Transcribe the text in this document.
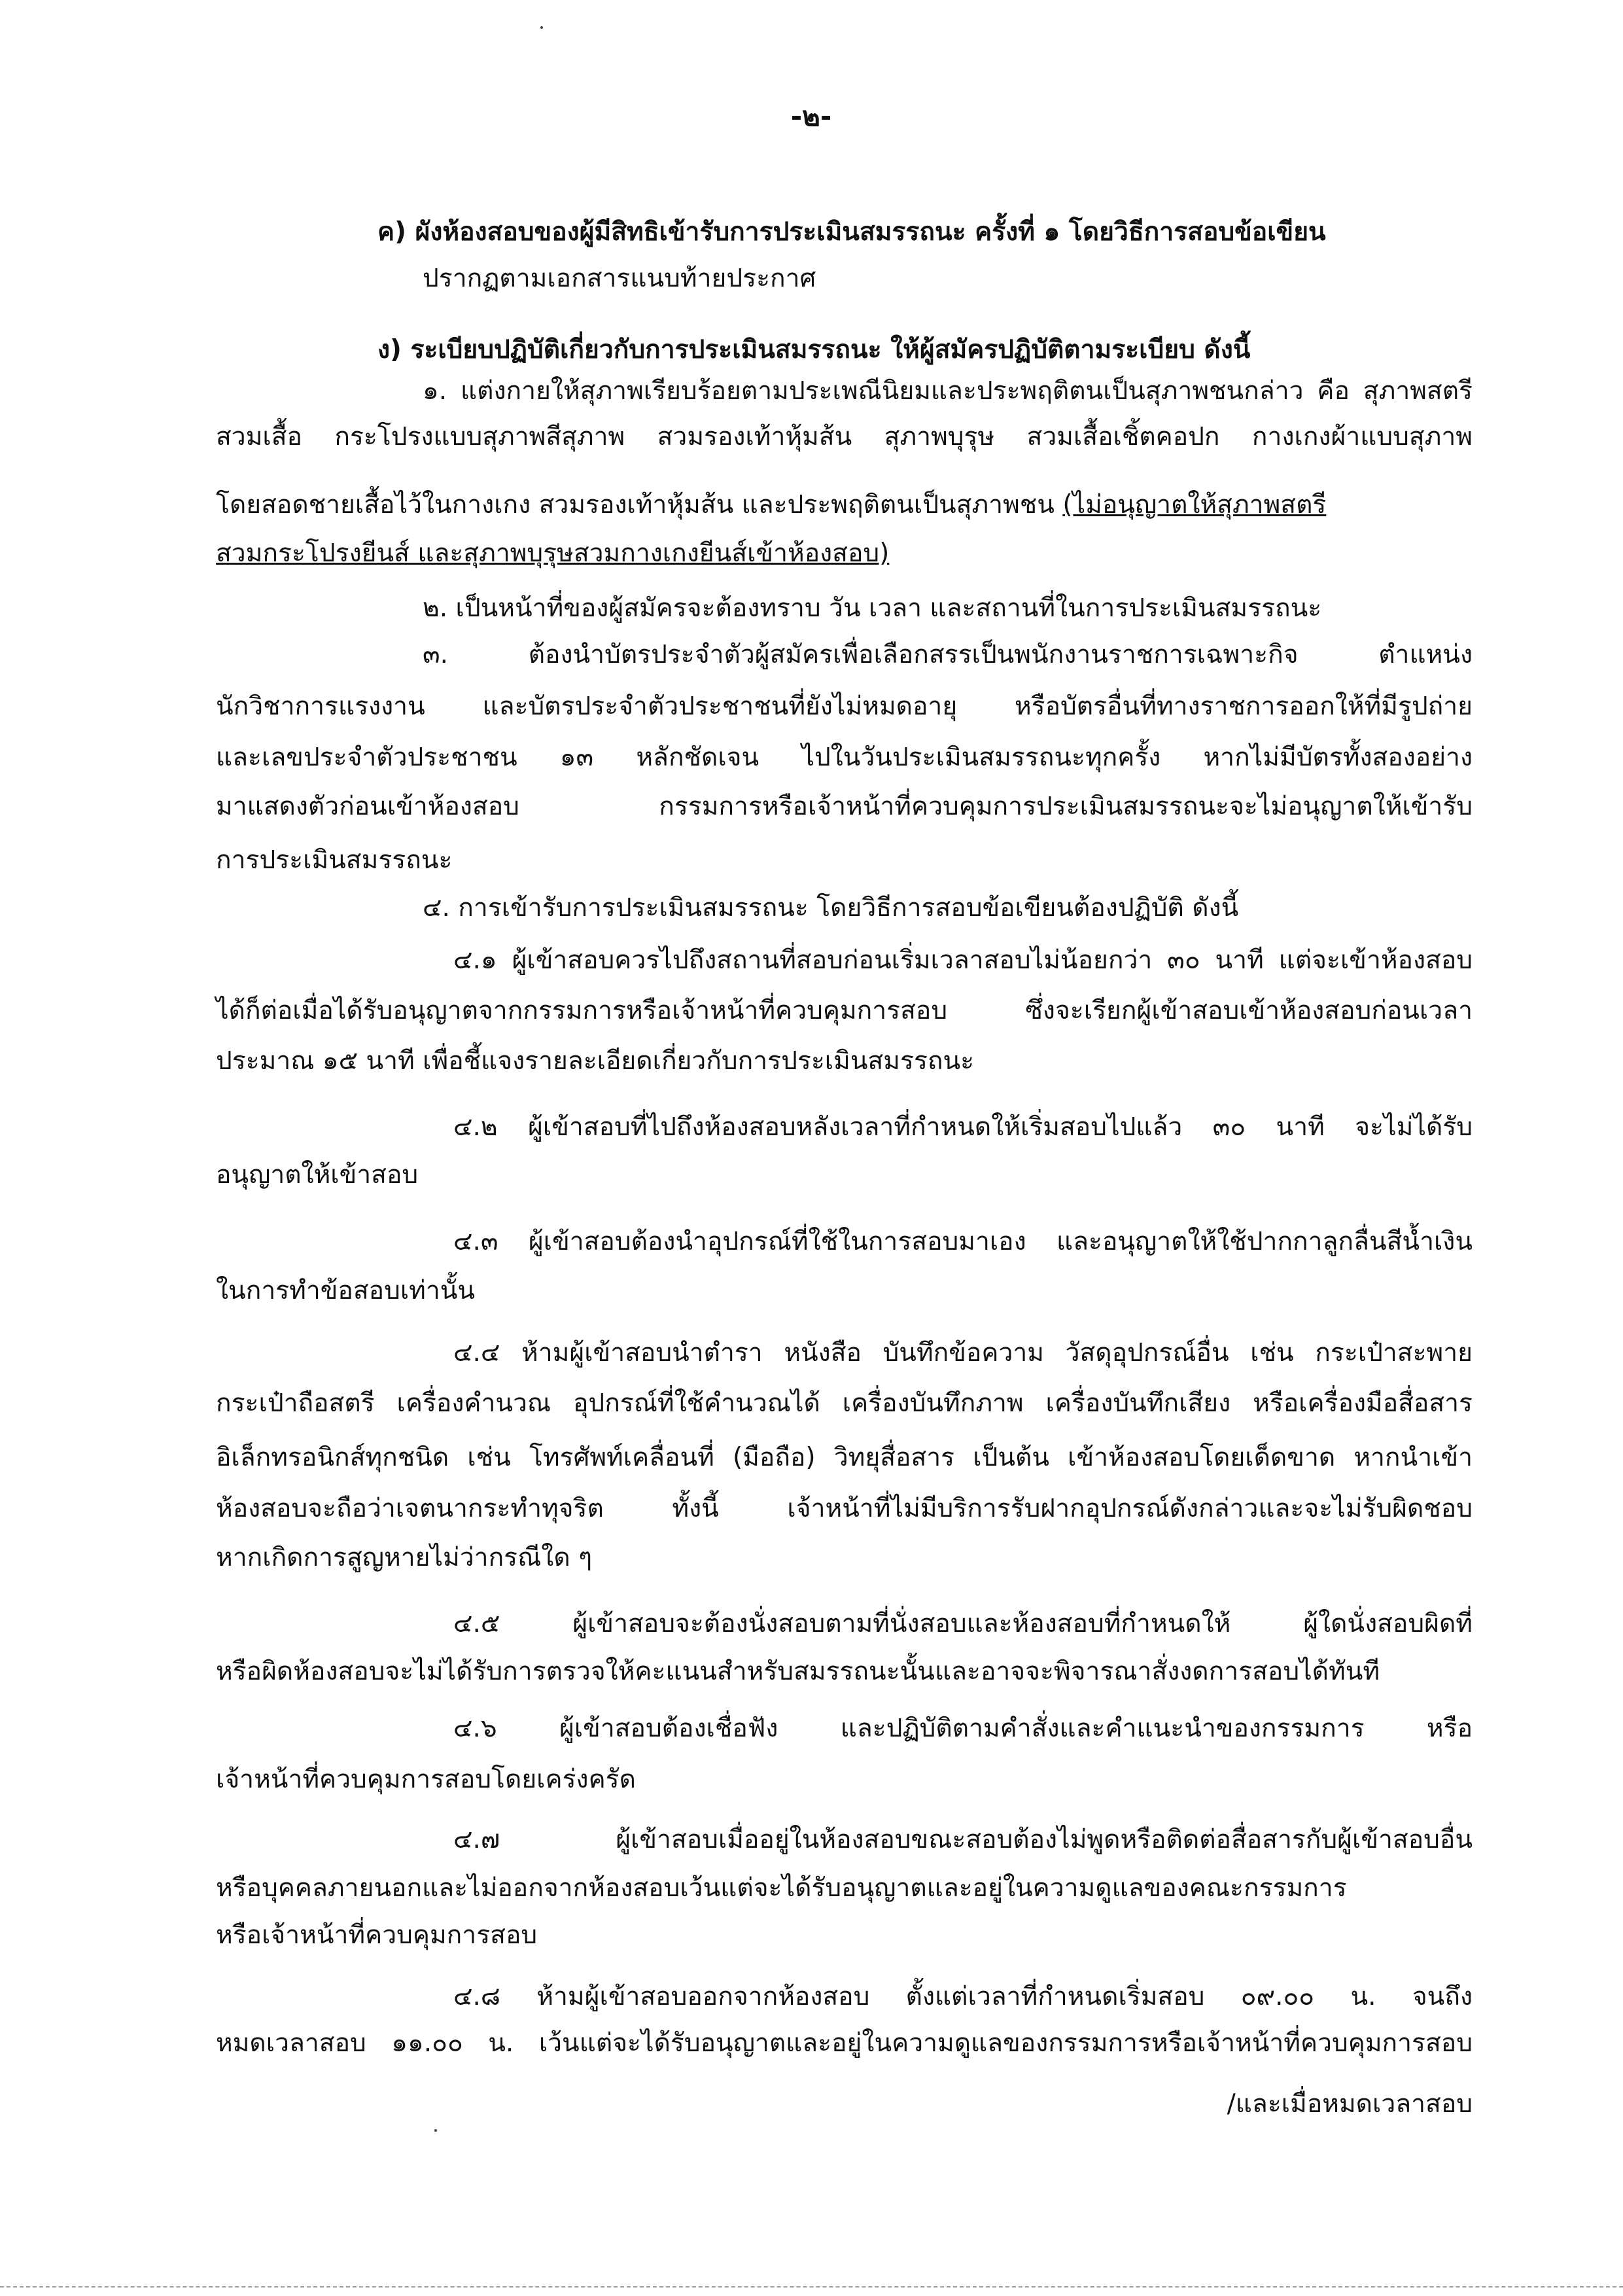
-๒-
ค) ผังห้องสอบของผู้มีสิทธิเข้ารับการประเมินสมรรถนะ ครั้งที่ ๑ โดยวิธีการสอบข้อเขียน
ปรากฏตามเอกสารแนบท้ายประกาศ
ง) ระเบียบปฏิบัติเกี่ยวกับการประเมินสมรรถนะ ให้ผู้สมัครปฏิบัติตามระเบียบ ดังนี้
๑. แต่งกายให้สุภาพเรียบร้อยตามประเพณีนิยมและประพฤติตนเป็นสุภาพชนกล่าว คือ สุภาพสตรี
สวมเสื้อ กระโปรงแบบสุภาพสีสุภาพ สวมรองเท้าหุ้มส้น สุภาพบุรุษ สวมเสื้อเชิ้ตคอปก กางเกงผ้าแบบสุภาพ
โดยสอดชายเสื้อไว้ในกางเกง สวมรองเท้าหุ้มส้น และประพฤติตนเป็นสุภาพชน (ไม่อนุญาตให้สุภาพสตรี
สวมกระโปรงยีนส์ และสุภาพบุรุษสวมกางเกงยีนส์เข้าห้องสอบ)
๒. เป็นหน้าที่ของผู้สมัครจะต้องทราบ วัน เวลา และสถานที่ในการประเมินสมรรถนะ
๓. ต้องนำบัตรประจำตัวผู้สมัครเพื่อเลือกสรรเป็นพนักงานราชการเฉพาะกิจ ตำแหน่ง
นักวิชาการแรงงาน และบัตรประจำตัวประชาชนที่ยังไม่หมดอายุ หรือบัตรอื่นที่ทางราชการออกให้ที่มีรูปถ่าย
และเลขประจำตัวประชาชน ๑๓ หลักชัดเจน ไปในวันประเมินสมรรถนะทุกครั้ง หากไม่มีบัตรทั้งสองอย่าง
มาแสดงตัวก่อนเข้าห้องสอบ กรรมการหรือเจ้าหน้าที่ควบคุมการประเมินสมรรถนะจะไม่อนุญาตให้เข้ารับ
การประเมินสมรรถนะ
๔. การเข้ารับการประเมินสมรรถนะ โดยวิธีการสอบข้อเขียนต้องปฏิบัติ ดังนี้
๔.๑ ผู้เข้าสอบควรไปถึงสถานที่สอบก่อนเริ่มเวลาสอบไม่น้อยกว่า ๓๐ นาที แต่จะเข้าห้องสอบ
ได้ก็ต่อเมื่อได้รับอนุญาตจากกรรมการหรือเจ้าหน้าที่ควบคุมการสอบ ซึ่งจะเรียกผู้เข้าสอบเข้าห้องสอบก่อนเวลา
ประมาณ ๑๕ นาที เพื่อชี้แจงรายละเอียดเกี่ยวกับการประเมินสมรรถนะ
๔.๒ ผู้เข้าสอบที่ไปถึงห้องสอบหลังเวลาที่กำหนดให้เริ่มสอบไปแล้ว ๓๐ นาที จะไม่ได้รับ
อนุญาตให้เข้าสอบ
๔.๓ ผู้เข้าสอบต้องนำอุปกรณ์ที่ใช้ในการสอบมาเอง และอนุญาตให้ใช้ปากกาลูกลื่นสีน้ำเงิน
ในการทำข้อสอบเท่านั้น
๔.๔ ห้ามผู้เข้าสอบนำตำรา หนังสือ บันทึกข้อความ วัสดุอุปกรณ์อื่น เช่น กระเป๋าสะพาย
กระเป๋าถือสตรี เครื่องคำนวณ อุปกรณ์ที่ใช้คำนวณได้ เครื่องบันทึกภาพ เครื่องบันทึกเสียง หรือเครื่องมือสื่อสาร
อิเล็กทรอนิกส์ทุกชนิด เช่น โทรศัพท์เคลื่อนที่ (มือถือ) วิทยุสื่อสาร เป็นต้น เข้าห้องสอบโดยเด็ดขาด หากนำเข้า
ห้องสอบจะถือว่าเจตนากระทำทุจริต ทั้งนี้ เจ้าหน้าที่ไม่มีบริการรับฝากอุปกรณ์ดังกล่าวและจะไม่รับผิดชอบ
หากเกิดการสูญหายไม่ว่ากรณีใด ๆ
๔.๕ ผู้เข้าสอบจะต้องนั่งสอบตามที่นั่งสอบและห้องสอบที่กำหนดให้ ผู้ใดนั่งสอบผิดที่
หรือผิดห้องสอบจะไม่ได้รับการตรวจให้คะแนนสำหรับสมรรถนะนั้นและอาจจะพิจารณาสั่งงดการสอบได้ทันที
๔.๖ ผู้เข้าสอบต้องเชื่อฟัง และปฏิบัติตามคำสั่งและคำแนะนำของกรรมการ หรือ
เจ้าหน้าที่ควบคุมการสอบโดยเคร่งครัด
๔.๗ ผู้เข้าสอบเมื่ออยู่ในห้องสอบขณะสอบต้องไม่พูดหรือติดต่อสื่อสารกับผู้เข้าสอบอื่น
หรือบุคคลภายนอกและไม่ออกจากห้องสอบเว้นแต่จะได้รับอนุญาตและอยู่ในความดูแลของคณะกรรมการ
หรือเจ้าหน้าที่ควบคุมการสอบ
๔.๘ ห้ามผู้เข้าสอบออกจากห้องสอบ ตั้งแต่เวลาที่กำหนดเริ่มสอบ ๐๙.๐๐ น. จนถึง
หมดเวลาสอบ ๑๑.๐๐ น. เว้นแต่จะได้รับอนุญาตและอยู่ในความดูแลของกรรมการหรือเจ้าหน้าที่ควบคุมการสอบ
/และเมื่อหมดเวลาสอบ
